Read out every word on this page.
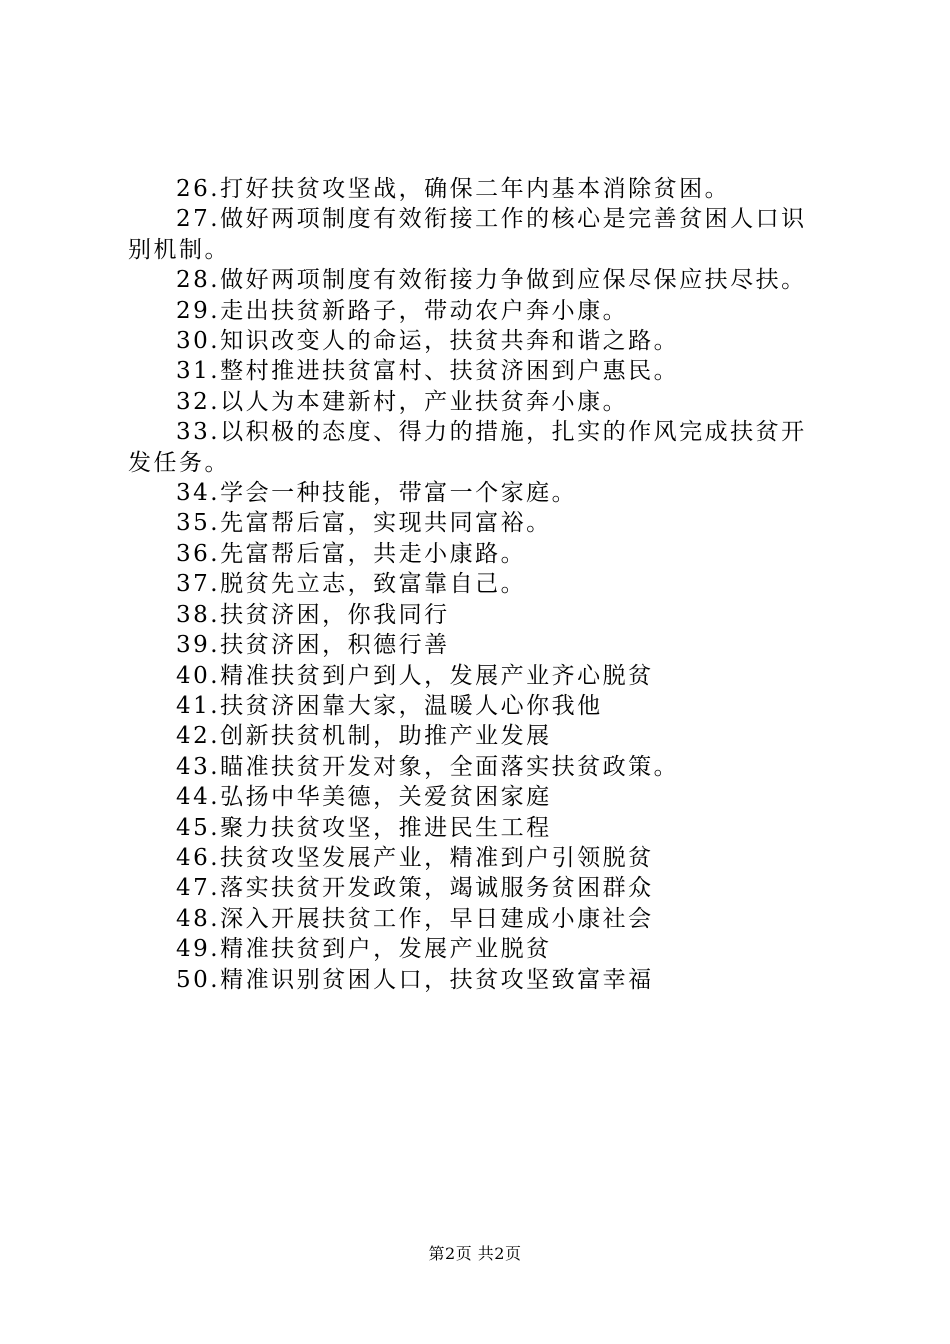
26.打好扶贫攻坚战，确保二年内基本消除贫困。
27.做好两项制度有效衔接工作的核心是完善贫困人口识别机制。
28.做好两项制度有效衔接力争做到应保尽保应扶尽扶。
29.走出扶贫新路子，带动农户奔小康。
30.知识改变人的命运，扶贫共奔和谐之路。
31.整村推进扶贫富村、扶贫济困到户惠民。
32.以人为本建新村，产业扶贫奔小康。
33.以积极的态度、得力的措施，扎实的作风完成扶贫开发任务。
34.学会一种技能，带富一个家庭。
35.先富帮后富，实现共同富裕。
36.先富帮后富，共走小康路。
37.脱贫先立志，致富靠自己。
38.扶贫济困，你我同行
39.扶贫济困，积德行善
40.精准扶贫到户到人，发展产业齐心脱贫
41.扶贫济困靠大家，温暖人心你我他
42.创新扶贫机制，助推产业发展
43.瞄准扶贫开发对象，全面落实扶贫政策。
44.弘扬中华美德，关爱贫困家庭
45.聚力扶贫攻坚，推进民生工程
46.扶贫攻坚发展产业，精准到户引领脱贫
47.落实扶贫开发政策，竭诚服务贫困群众
48.深入开展扶贫工作，早日建成小康社会
49.精准扶贫到户，发展产业脱贫
50.精准识别贫困人口，扶贫攻坚致富幸福
第2页 共2页
